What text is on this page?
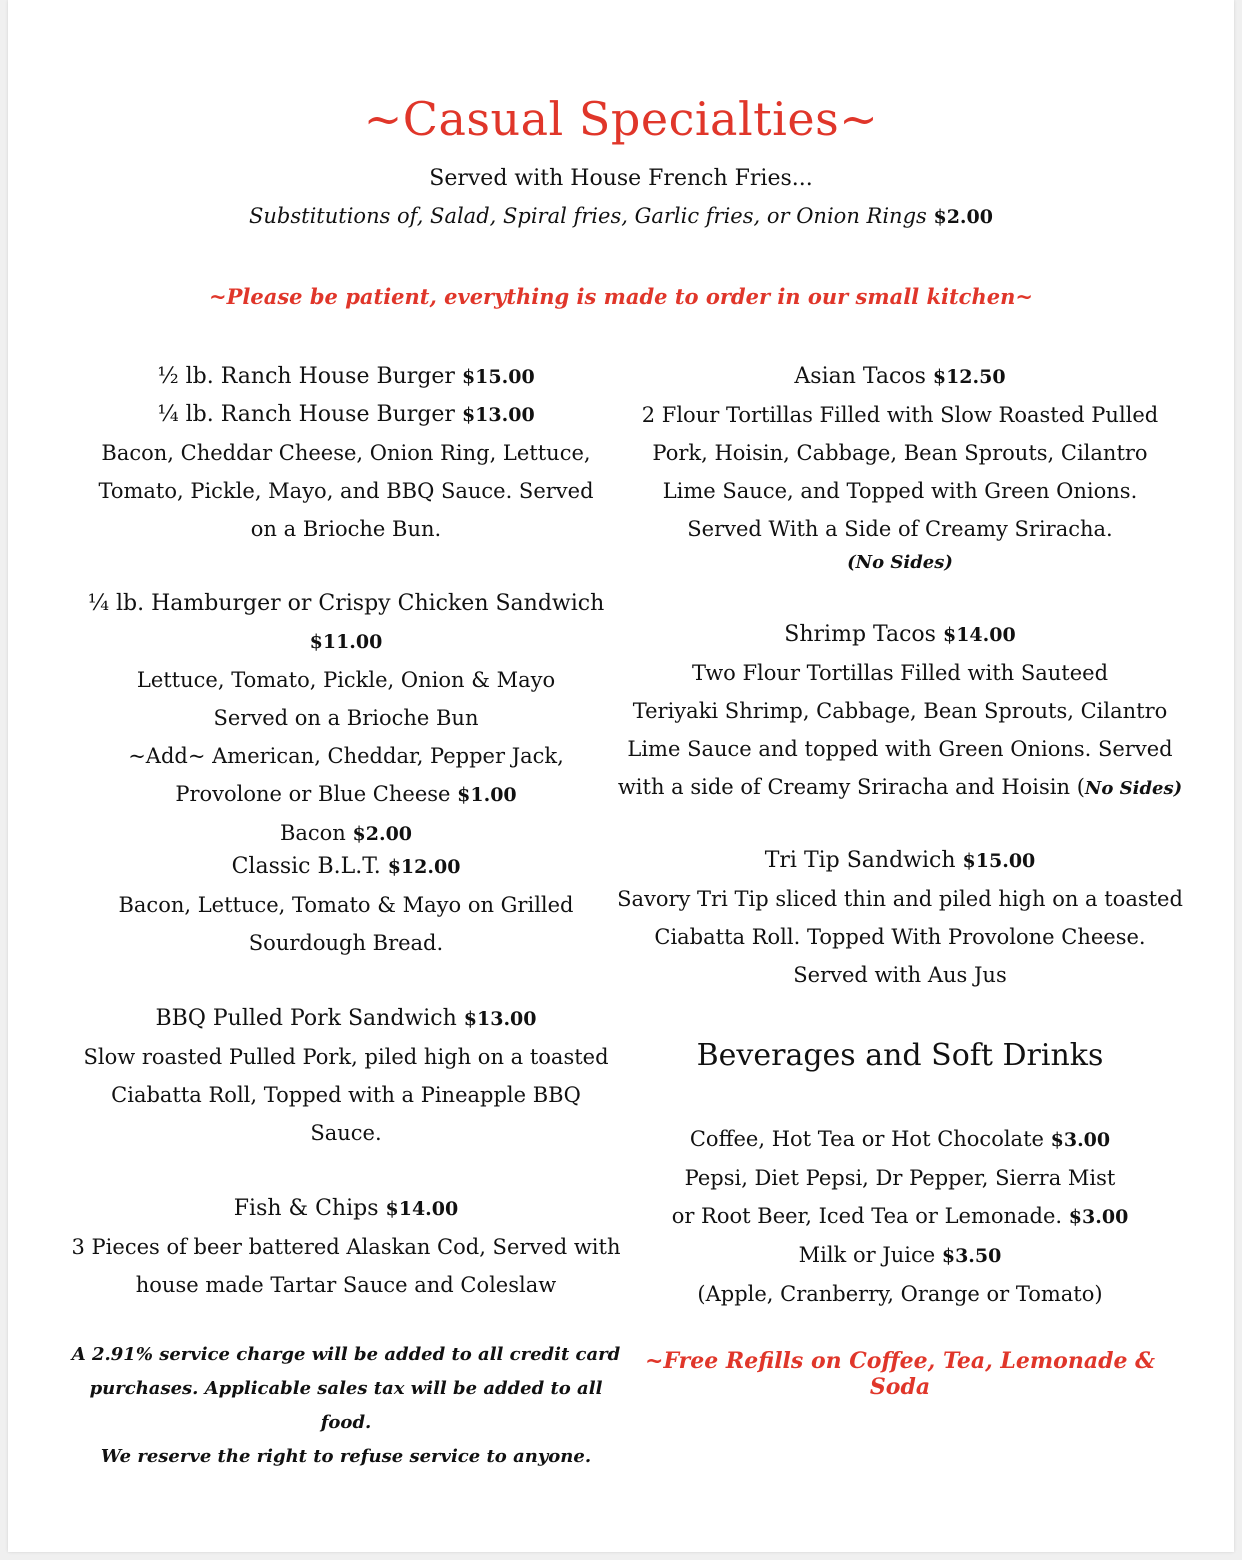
~Casual Specialties~
Served with House French Fries...
Substitutions of, Salad, Spiral fries, Garlic fries, or Onion Rings $2.00
~Please be patient, everything is made to order in our small kitchen~
½ lb. Ranch House Burger $15.00
¼ lb. Ranch House Burger $13.00
Bacon, Cheddar Cheese, Onion Ring, Lettuce,
Tomato, Pickle, Mayo, and BBQ Sauce. Served
on a Brioche Bun.
¼ lb. Hamburger or Crispy Chicken Sandwich $11.00
Lettuce, Tomato, Pickle, Onion & Mayo
Served on a Brioche Bun
~Add~ American, Cheddar, Pepper Jack,
Provolone or Blue Cheese $1.00
Bacon $2.00
Classic B.L.T. $12.00
Bacon, Lettuce, Tomato & Mayo on Grilled
Sourdough Bread.
BBQ Pulled Pork Sandwich $13.00
Slow roasted Pulled Pork, piled high on a toasted
Ciabatta Roll, Topped with a Pineapple BBQ
Sauce.
Fish & Chips $14.00
3 Pieces of beer battered Alaskan Cod, Served with
house made Tartar Sauce and Coleslaw
A 2.91% service charge will be added to all credit card
purchases. Applicable sales tax will be added to all food.
We reserve the right to refuse service to anyone.
Asian Tacos $12.50
2 Flour Tortillas Filled with Slow Roasted Pulled
Pork, Hoisin, Cabbage, Bean Sprouts, Cilantro
Lime Sauce, and Topped with Green Onions.
Served With a Side of Creamy Sriracha.
(No Sides)
Shrimp Tacos $14.00
Two Flour Tortillas Filled with Sauteed
Teriyaki Shrimp, Cabbage, Bean Sprouts, Cilantro
Lime Sauce and topped with Green Onions. Served
with a side of Creamy Sriracha and Hoisin (No Sides)
Tri Tip Sandwich $15.00
Savory Tri Tip sliced thin and piled high on a toasted
Ciabatta Roll. Topped With Provolone Cheese.
Served with Aus Jus
Beverages and Soft Drinks
Coffee, Hot Tea or Hot Chocolate $3.00
Pepsi, Diet Pepsi, Dr Pepper, Sierra Mist
or Root Beer, Iced Tea or Lemonade. $3.00
Milk or Juice $3.50
(Apple, Cranberry, Orange or Tomato)
~Free Refills on Coffee, Tea, Lemonade & Soda
